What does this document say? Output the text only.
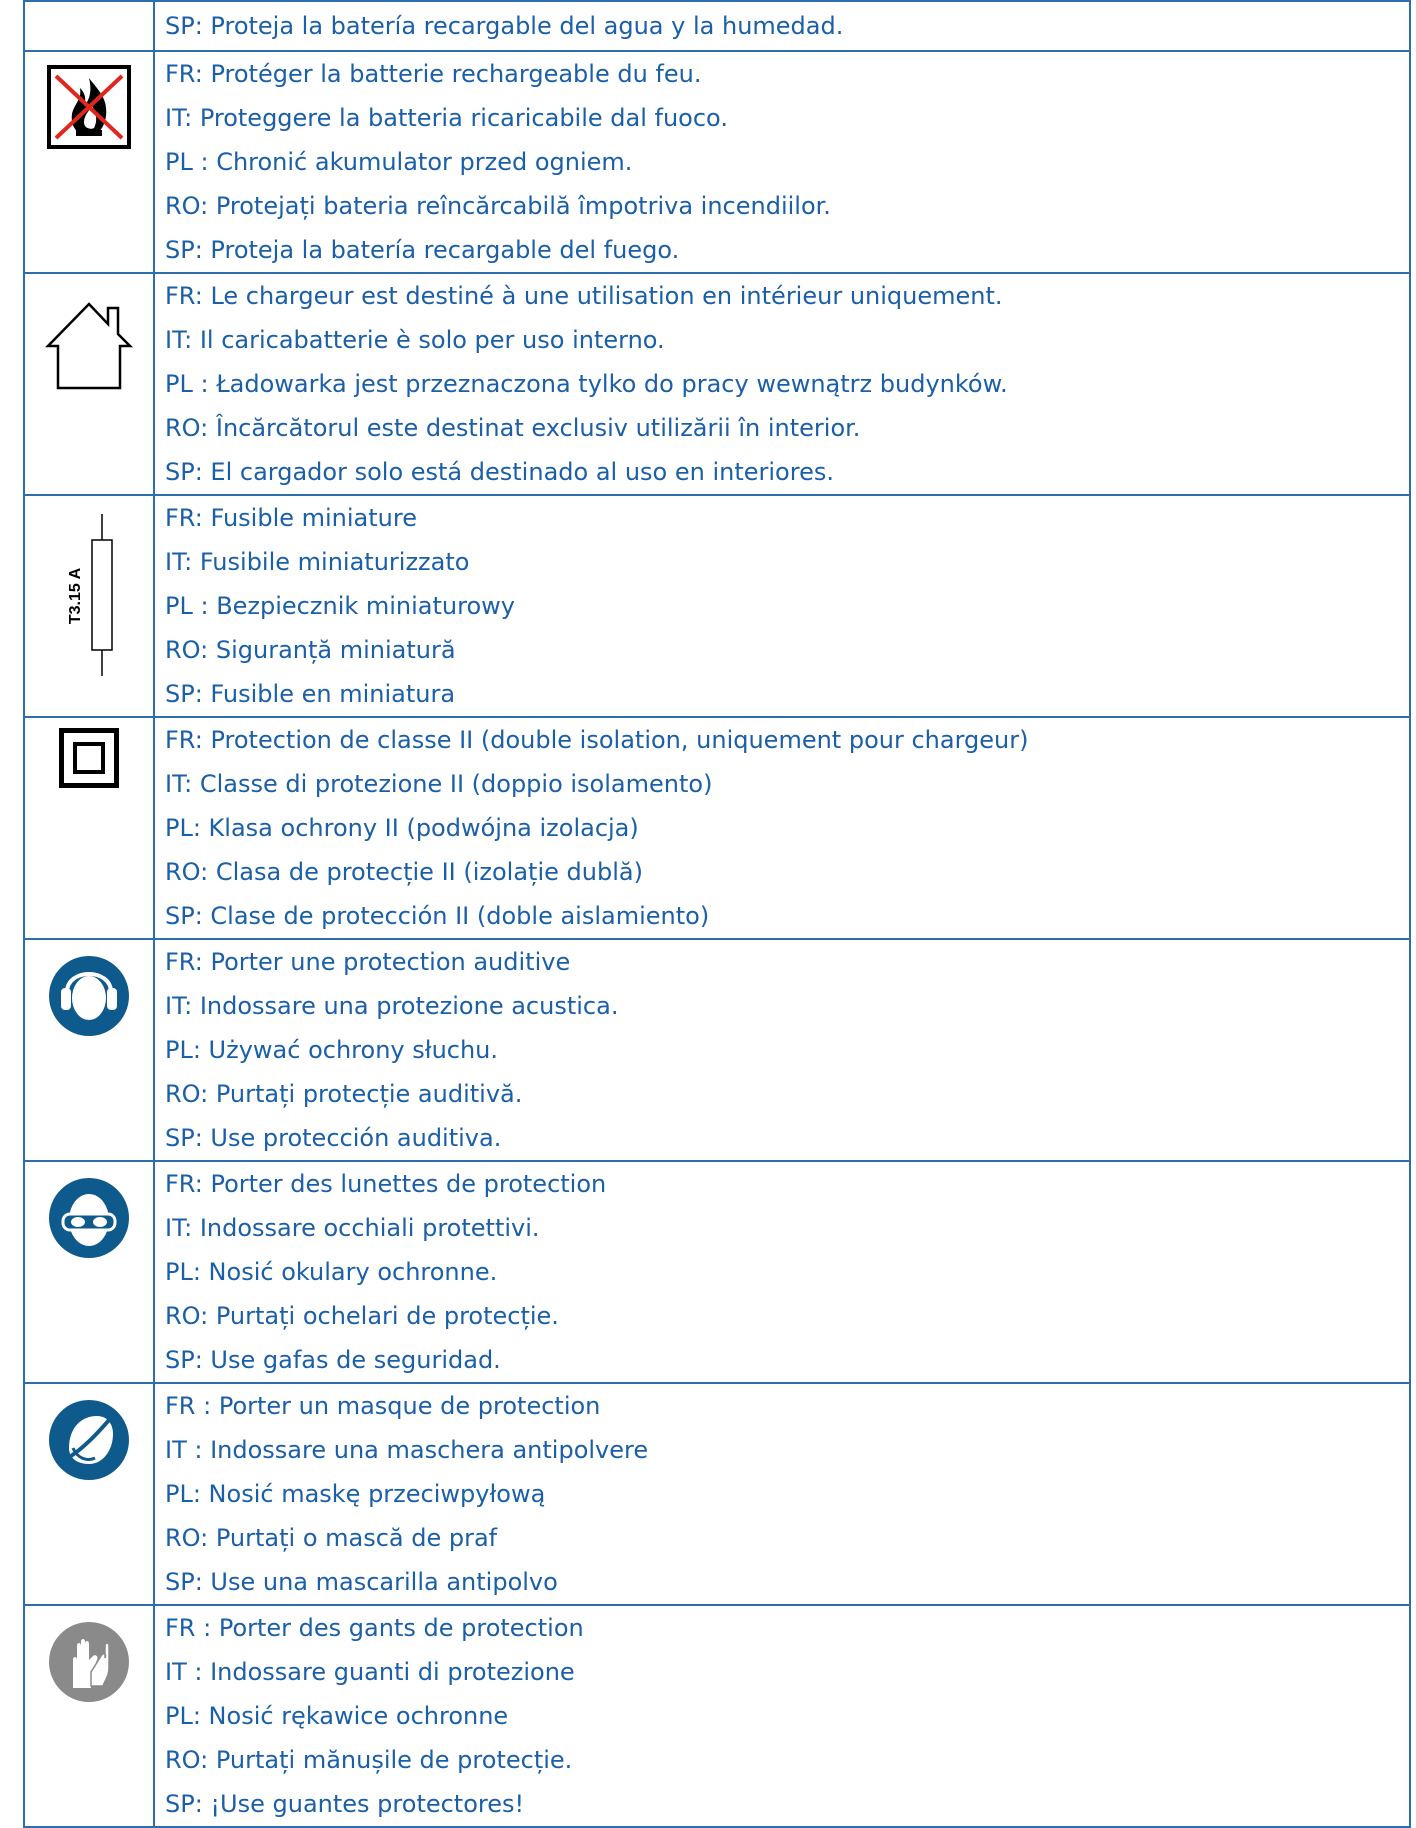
	SP: Proteja la batería recargable del agua y la humedad.

FR: Protéger la batterie rechargeable du feu.
IT: Proteggere la batteria ricaricabile dal fuoco.
PL : Chronić akumulator przed ogniem.
RO: Protejați bateria reîncărcabilă împotriva incendiilor.
SP: Proteja la batería recargable del fuego.

FR: Le chargeur est destiné à une utilisation en intérieur uniquement.
IT: Il caricabatterie è solo per uso interno.
PL : Ładowarka jest przeznaczona tylko do pracy wewnątrz budynków.
RO: Încărcătorul este destinat exclusiv utilizării în interior.
SP: El cargador solo está destinado al uso en interiores.

T3.15 A	FR: Fusible miniature
IT: Fusibile miniaturizzato
PL : Bezpiecznik miniaturowy
RO: Siguranță miniatură
SP: Fusible en miniatura

FR: Protection de classe II (double isolation, uniquement pour chargeur)
IT: Classe di protezione II (doppio isolamento)
PL: Klasa ochrony II (podwójna izolacja)
RO: Clasa de protecție II (izolație dublă)
SP: Clase de protección II (doble aislamiento)

FR: Porter une protection auditive
IT: Indossare una protezione acustica.
PL: Używać ochrony słuchu.
RO: Purtați protecție auditivă.
SP: Use protección auditiva.

FR: Porter des lunettes de protection
IT: Indossare occhiali protettivi.
PL: Nosić okulary ochronne.
RO: Purtați ochelari de protecție.
SP: Use gafas de seguridad.

FR : Porter un masque de protection
IT : Indossare una maschera antipolvere
PL: Nosić maskę przeciwpyłową
RO: Purtați o mască de praf
SP: Use una mascarilla antipolvo

FR : Porter des gants de protection
IT : Indossare guanti di protezione
PL: Nosić rękawice ochronne
RO: Purtați mănușile de protecție.
SP: ¡Use guantes protectores!
